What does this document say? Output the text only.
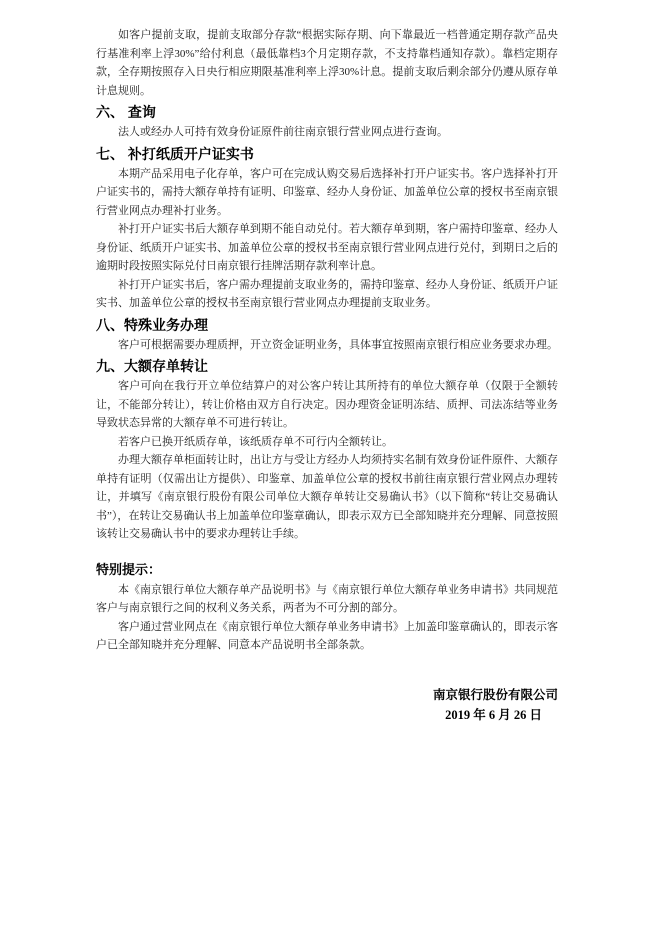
如客户提前支取，提前支取部分存款“根据实际存期、向下靠最近一档普通定期存款产品央行基准利率上浮30%”给付利息（最低靠档3个月定期存款，不支持靠档通知存款）。靠档定期存款，全存期按照存入日央行相应期限基准利率上浮30%计息。提前支取后剩余部分仍遵从原存单计息规则。

六、 查询

法人或经办人可持有效身份证原件前往南京银行营业网点进行查询。

七、 补打纸质开户证实书

本期产品采用电子化存单，客户可在完成认购交易后选择补打开户证实书。客户选择补打开户证实书的，需持大额存单持有证明、印鉴章、经办人身份证、加盖单位公章的授权书至南京银行营业网点办理补打业务。

补打开户证实书后大额存单到期不能自动兑付。若大额存单到期，客户需持印鉴章、经办人身份证、纸质开户证实书、加盖单位公章的授权书至南京银行营业网点进行兑付，到期日之后的逾期时段按照实际兑付日南京银行挂牌活期存款利率计息。

补打开户证实书后，客户需办理提前支取业务的，需持印鉴章、经办人身份证、纸质开户证实书、加盖单位公章的授权书至南京银行营业网点办理提前支取业务。

八、特殊业务办理

客户可根据需要办理质押，开立资金证明业务，具体事宜按照南京银行相应业务要求办理。

九、大额存单转让

客户可向在我行开立单位结算户的对公客户转让其所持有的单位大额存单（仅限于全额转让，不能部分转让），转让价格由双方自行决定。因办理资金证明冻结、质押、司法冻结等业务导致状态异常的大额存单不可进行转让。

若客户已换开纸质存单，该纸质存单不可行内全额转让。

办理大额存单柜面转让时，出让方与受让方经办人均须持实名制有效身份证件原件、大额存单持有证明（仅需出让方提供）、印鉴章、加盖单位公章的授权书前往南京银行营业网点办理转让，并填写《南京银行股份有限公司单位大额存单转让交易确认书》（以下简称“转让交易确认书”），在转让交易确认书上加盖单位印鉴章确认，即表示双方已全部知晓并充分理解、同意按照该转让交易确认书中的要求办理转让手续。

特别提示：

本《南京银行单位大额存单产品说明书》与《南京银行单位大额存单业务申请书》共同规范客户与南京银行之间的权利义务关系，两者为不可分割的部分。

客户通过营业网点在《南京银行单位大额存单业务申请书》上加盖印鉴章确认的，即表示客户已全部知晓并充分理解、同意本产品说明书全部条款。

南京银行股份有限公司
2019 年 6 月 26 日
